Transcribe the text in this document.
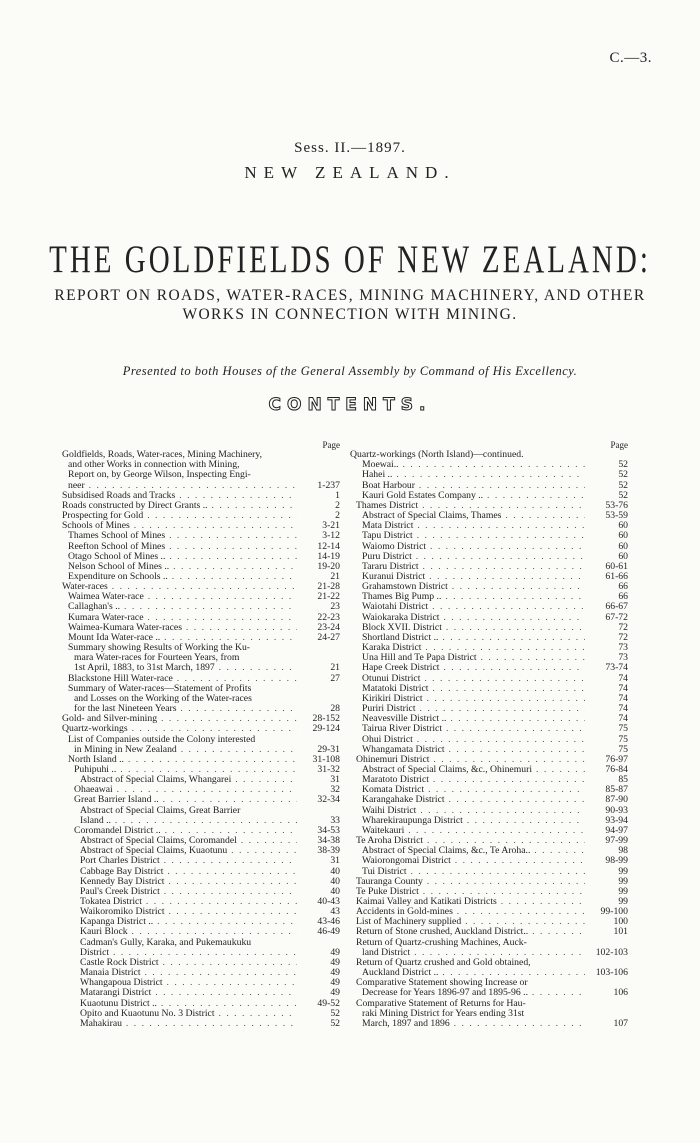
C.—3.
Sess. II.—1897.
NEW ZEALAND.
THE GOLDFIELDS OF NEW ZEALAND:
REPORT ON ROADS, WATER-RACES, MINING MACHINERY, AND OTHER WORKS IN CONNECTION WITH MINING.
Presented to both Houses of the General Assembly by Command of His Excellency.
CONTENTS.
Page
Goldfields, Roads, Water-races, Mining Machinery,
and other Works in connection with Mining,
Report on, by George Wilson, Inspecting Engi-
neer . . .	1-237
Subsidised Roads and Tracks . . .	1
Roads constructed by Direct Grants .. . . .	2
Prospecting for Gold . . .	2
Schools of Mines . . .	3-21
Thames School of Mines . . .	3-12
Reefton School of Mines . . .	12-14
Otago School of Mines .. . . .	14-19
Nelson School of Mines .. . . .	19-20
Expenditure on Schools .. . . .	21
Water-races . . .	21-28
Waimea Water-race . . .	21-22
Callaghan's .. . . .	23
Kumara Water-race . . .	22-23
Waimea-Kumara Water-races . . .	23-24
Mount Ida Water-race .. . . .	24-27
Summary showing Results of Working the Ku-
mara Water-races for Fourteen Years, from
1st April, 1883, to 31st March, 1897 . . .	21
Blackstone Hill Water-race . . .	27
Summary of Water-races—Statement of Profits
and Losses on the Working of the Water-races
for the last Nineteen Years . . .	28
Gold- and Silver-mining . . .	28-152
Quartz-workings . . .	29-124
List of Companies outside the Colony interested
in Mining in New Zealand . . .	29-31
North Island .. . . .	31-108
Puhipuhi .. . . .	31-32
Abstract of Special Claims, Whangarei . . .	31
Ohaeawai . . .	32
Great Barrier Island .. . . .	32-34
Abstract of Special Claims, Great Barrier
Island .. . . .	33
Coromandel District .. . . .	34-53
Abstract of Special Claims, Coromandel . . .	34-38
Abstract of Special Claims, Kuaotunu . . .	38-39
Port Charles District . . .	31
Cabbage Bay District . . .	40
Kennedy Bay District . . .	40
Paul's Creek District . . .	40
Tokatea District . . .	40-43
Waikoromiko District . . .	43
Kapanga District .. . . .	43-46
Kauri Block . . .	46-49
Cadman's Gully, Karaka, and Pukemaukuku
District . . .	49
Castle Rock District . . .	49
Manaia District . . .	49
Whangapoua District . . .	49
Matarangi District . . .	49
Kuaotunu District .. . . .	49-52
Opito and Kuaotunu No. 3 District . . .	52
Mahakirau . . .	52
Page
Quartz-workings (North Island)—continued.
Moewai.. . . .	52
Hahei .. . . .	52
Boat Harbour . . .	52
Kauri Gold Estates Company .. . . .	52
Thames District . . .	53-76
Abstract of Special Claims, Thames . . .	53-59
Mata District . . .	60
Tapu District . . .	60
Waiomo District . . .	60
Puru District . . .	60
Tararu District . . .	60-61
Kuranui District . . .	61-66
Grahamstown District . . .	66
Thames Big Pump .. . . .	66
Waiotahi District . . .	66-67
Waiokaraka District . . .	67-72
Block XVII. District . . .	72
Shortland District .. . . .	72
Karaka District . . .	73
Una Hill and Te Papa District . . .	73
Hape Creek District . . .	73-74
Otunui District . . .	74
Matatoki District . . .	74
Kirikiri District . . .	74
Puriri District . . .	74
Neavesville District .. . . .	74
Tairua River District . . .	75
Ohui District . . .	75
Whangamata District . . .	75
Ohinemuri District . . .	76-97
Abstract of Special Claims, &c., Ohinemuri . . .	76-84
Maratoto District . . .	85
Komata District . . .	85-87
Karangahake District . . .	87-90
Waihi District . . .	90-93
Wharekiraupunga District . . .	93-94
Waitekauri . . .	94-97
Te Aroha District . . .	97-99
Abstract of Special Claims, &c., Te Aroha.. . . .	98
Waiorongomai District . . .	98-99
Tui District . . .	99
Tauranga County . . .	99
Te Puke District . . .	99
Kaimai Valley and Katikati Districts . . .	99
Accidents in Gold-mines . . .	99-100
List of Machinery supplied . . .	100
Return of Stone crushed, Auckland District.. . . .	101
Return of Quartz-crushing Machines, Auck-
land District . . .	102-103
Return of Quartz crushed and Gold obtained,
Auckland District .. . . .	103-106
Comparative Statement showing Increase or
Decrease for Years 1896-97 and 1895-96 .. . . .	106
Comparative Statement of Returns for Hau-
raki Mining District for Years ending 31st
March, 1897 and 1896 . . .	107
